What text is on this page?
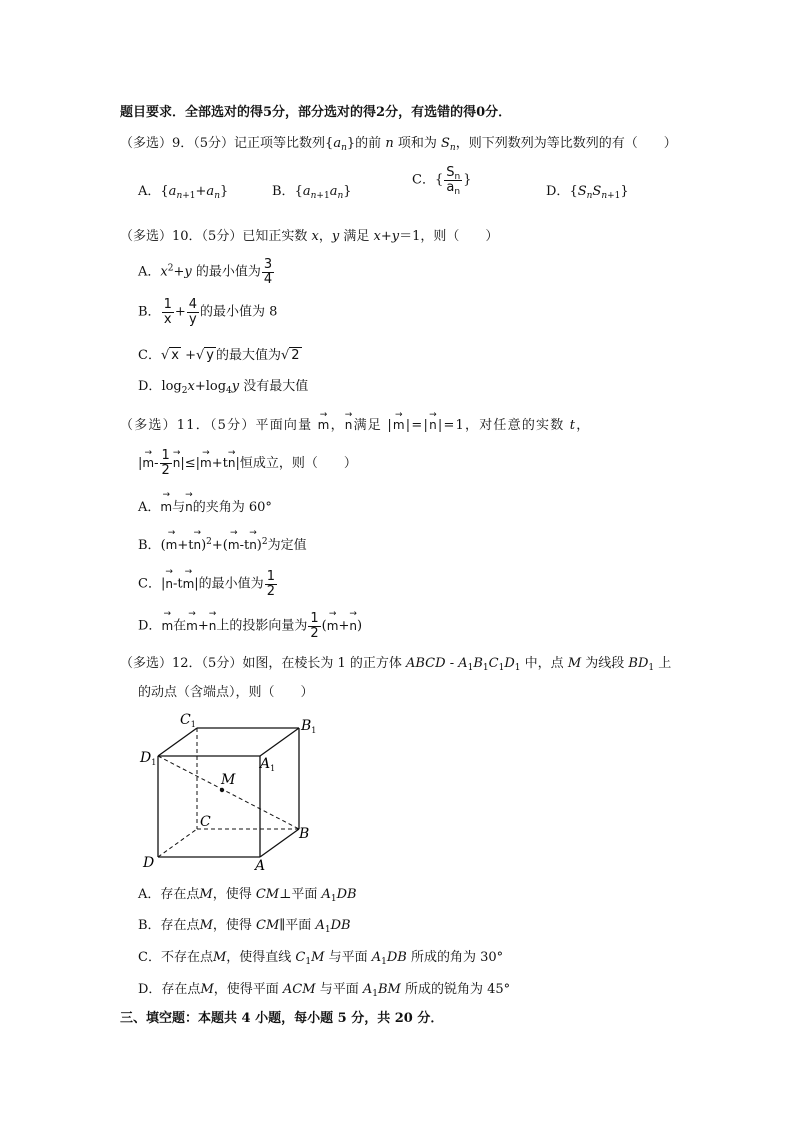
题目要求．全部选对的得5分，部分选对的得2分，有选错的得0分．
（多选）9．（5分）记正项等比数列$\{a_n\}$的前 n 项和为 $S_n$，则下列数列为等比数列的有（　　）
A．$\{a_{n+1}+a_n\}$	B．$\{a_{n+1}a_n\}$
C．{ $\frac{S_n}{a_n}$ }
D．$\{S_nS_{n+1}\}$
（多选）10．（5分）已知正实数 x，y 满足 x+y＝1，则（　　）
A．$x^2+y$ 的最小值为 $\frac{3}{4}$
B． $\frac{1}{x} + \frac{4}{y}$ 的最小值为 8
C．√ x +√ y 的最大值为√ 2
D．$\log_2x+\log_4y$ 没有最大值
（多选）11．（5分）平面向量 → m，→ n满足 |→ m|=|→ n|=1，对任意的实数 t，
|→ $m- \frac{1}{2}$
→ n|≤|→ m+t→ n|恒成立，则（　　）
A．→ m与→ n的夹角为 60°
B．(→ $m+t\to n)^2+(\to m-t\to n)^2$为定值
C．|→ n-t→ m|的最小值为 $\frac{1}{2}$
D．→ m在→ m+→ n上的投影向量为 $\frac{1}{2}$ (→ m+→ n)
（多选）12．（5分）如图，在棱长为 1 的正方体 ABCD - $A_1B_1C_1D_1$ 中，点 M 为线段 $BD_1$ 上
的动点（含端点），则（　　）
$C_1$	$B_1$
$D_1$	$A_1$
M
C
B
D	A
A．存在点M，使得 CM⊥平面 $A_1DB$
B．存在点M，使得 CM∥平面 $A_1DB$
C．不存在点M，使得直线 $C_1M$ 与平面 $A_1DB$ 所成的角为 30°
D．存在点M，使得平面 ACM 与平面 $A_1BM$ 所成的锐角为 45°
三、填空题：本题共 4 小题，每小题 5 分，共 20 分．
